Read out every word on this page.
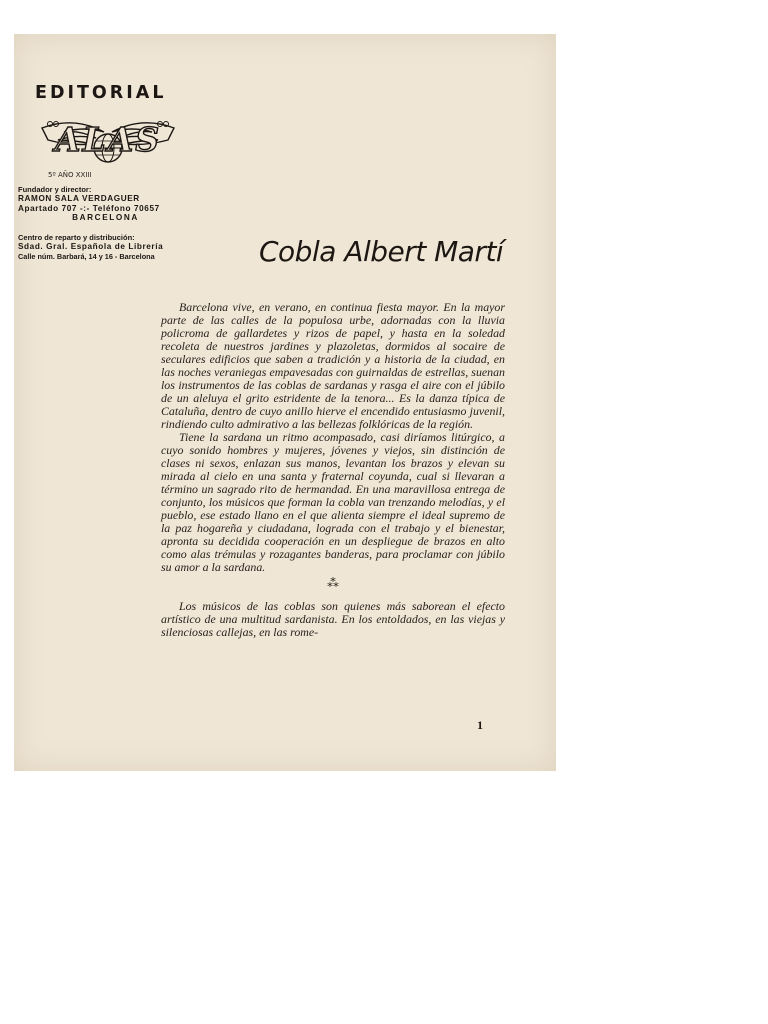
EDITORIAL
ALAS
5º AÑO XXIII
Fundador y director:
RAMON SALA VERDAGUER
Apartado 707 -:- Teléfono 70657
BARCELONA
Centro de reparto y distribución:
Sdad. Gral. Española de Librería
Calle núm. Barbará, 14 y 16 - Barcelona	Cobla Albert Martí

Barcelona vive, en verano, en continua fiesta mayor. En la mayor parte de las calles de la populosa urbe, adornadas con la lluvia policroma de gallardetes y rizos de papel, y hasta en la soledad recoleta de nuestros jardines y plazoletas, dormidos al socaire de seculares edificios que saben a tradición y a historia de la ciudad, en las noches veraniegas empavesadas con guirnaldas de estrellas, suenan los instrumentos de las coblas de sardanas y rasga el aire con el júbilo de un aleluya el grito estridente de la tenora... Es la danza típica de Cataluña, dentro de cuyo anillo hierve el encendido entusiasmo juvenil, rindiendo culto admirativo a las bellezas folklóricas de la región.

Tiene la sardana un ritmo acompasado, casi diríamos litúrgico, a cuyo sonido hombres y mujeres, jóvenes y viejos, sin distinción de clases ni sexos, enlazan sus manos, levantan los brazos y elevan su mirada al cielo en una santa y fraternal coyunda, cual si llevaran a término un sagrado rito de hermandad. En una maravillosa entrega de conjunto, los músicos que forman la cobla van trenzando melodías, y el pueblo, ese estado llano en el que alienta siempre el ideal supremo de la paz hogareña y ciudadana, lograda con el trabajo y el bienestar, apronta su decidida cooperación en un despliegue de brazos en alto como alas trémulas y rozagantes banderas, para proclamar con júbilo su amor a la sardana.

⁂

Los músicos de las coblas son quienes más saborean el efecto artístico de una multitud sardanista. En los entoldados, en las viejas y silenciosas callejas, en las rome-

1
